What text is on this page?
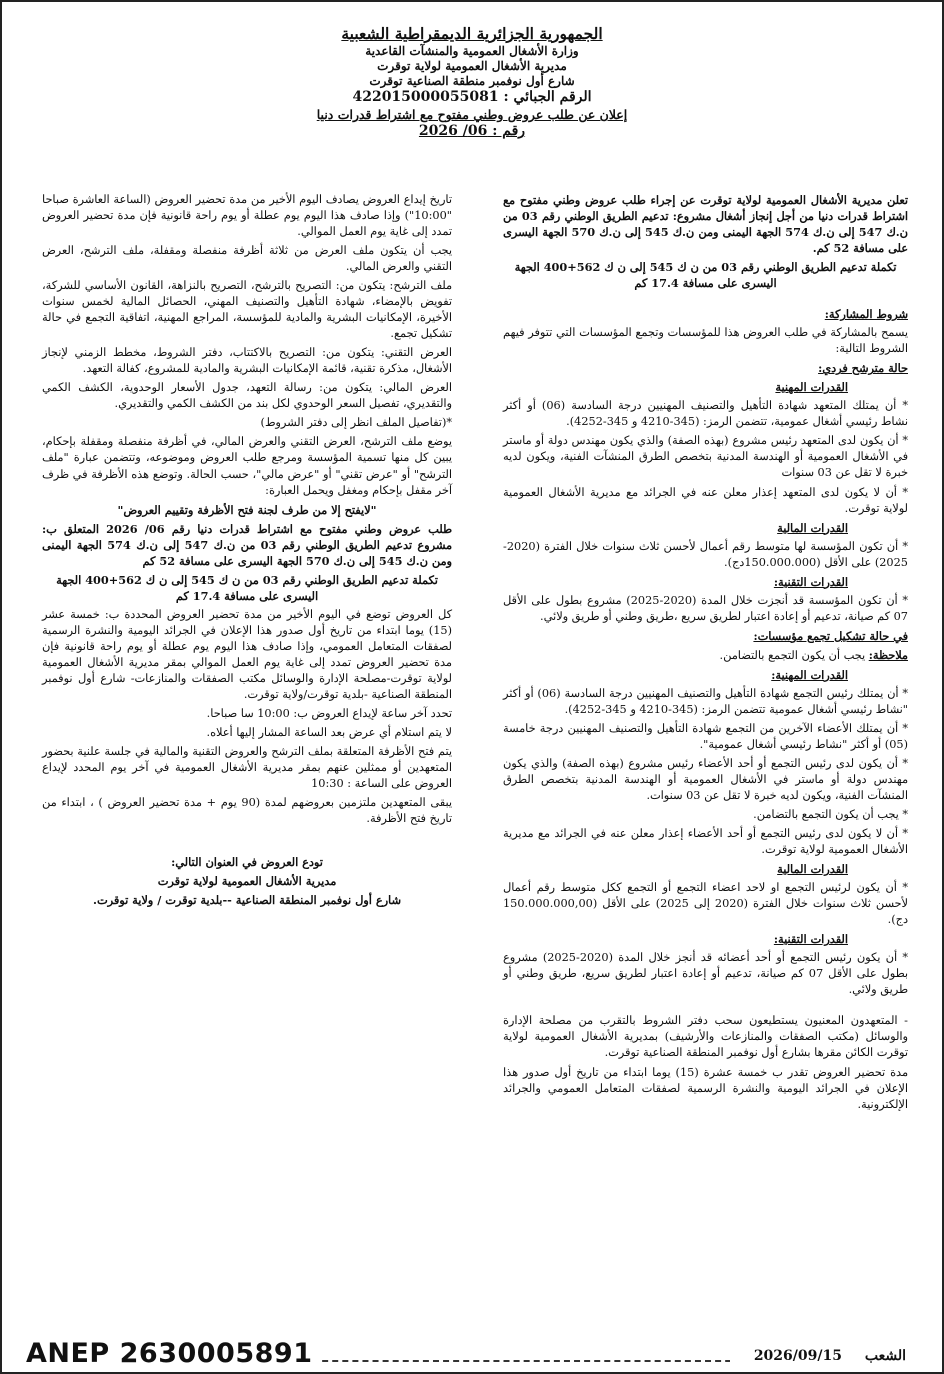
الجمهورية الجزائرية الديمقراطية الشعبية
وزارة الأشغال العمومية والمنشآت القاعدية
مديرية الأشغال العمومية لولاية توقرت
شارع أول نوفمبر منطقة الصناعية توقرت
الرقم الجبائي : 422015000055081
إعلان عن طلب عروض وطني مفتوح مع اشتراط قدرات دنيا
رقم : 06/ 2026

تعلن مديرية الأشغال العمومية لولاية توقرت عن إجراء طلب عروض وطني مفتوح مع اشتراط قدرات دنيا من أجل إنجاز أشغال مشروع: تدعيم الطريق الوطني رقم 03 من ن.ك 547 إلى ن.ك 574 الجهة اليمنى ومن ن.ك 545 إلى ن.ك 570 الجهة اليسرى على مسافة 52 كم.

تكملة تدعيم الطريق الوطني رقم 03 من ن ك 545 إلى ن ك 562+400 الجهة اليسرى على مسافة 17.4 كم

شروط المشاركة:

يسمح بالمشاركة في طلب العروض هذا للمؤسسات وتجمع المؤسسات التي تتوفر فيهم الشروط التالية:

حالة مترشح فردي:

القدرات المهنية

* أن يمتلك المتعهد شهادة التأهيل والتصنيف المهنيين درجة السادسة (06) أو أكثر نشاط رئيسي أشغال عمومية، تتضمن الرمز: (345-4210 و 345-4252).

* أن يكون لدى المتعهد رئيس مشروع (بهذه الصفة) والذي يكون مهندس دولة أو ماستر في الأشغال العمومية أو الهندسة المدنية بتخصص الطرق المنشآت الفنية، ويكون لديه خبرة لا تقل عن 03 سنوات

* أن لا يكون لدى المتعهد إعذار معلن عنه في الجرائد مع مديرية الأشغال العمومية لولاية توقرت.

القدرات المالية

* أن تكون المؤسسة لها متوسط رقم أعمال لأحسن ثلاث سنوات خلال الفترة (2020-2025) على الأقل (150.000.000دج).

القدرات التقنية:

* أن تكون المؤسسة قد أنجزت خلال المدة (2020-2025) مشروع بطول على الأقل 07 كم صيانة، تدعيم أو إعادة اعتبار لطريق سريع ،طريق وطني أو طريق ولائي.

في حالة تشكيل تجمع مؤسسات:

ملاحظة: يجب أن يكون التجمع بالتضامن.

القدرات المهنية:

* أن يمتلك رئيس التجمع شهادة التأهيل والتصنيف المهنيين درجة السادسة (06) أو أكثر "نشاط رئيسي أشغال عمومية تتضمن الرمز: (345-4210 و 345-4252).

* أن يمتلك الأعضاء الآخرين من التجمع شهادة التأهيل والتصنيف المهنيين درجة خامسة (05) أو أكثر "نشاط رئيسي أشغال عمومية".

* أن يكون لدى رئيس التجمع أو أحد الأعضاء رئيس مشروع (بهذه الصفة) والذي يكون مهندس دولة أو ماستر في الأشغال العمومية أو الهندسة المدنية بتخصص الطرق المنشآت الفنية، ويكون لديه خبرة لا تقل عن 03 سنوات.

* يجب أن يكون التجمع بالتضامن.

* أن لا يكون لدى رئيس التجمع أو أحد الأعضاء إعذار معلن عنه في الجرائد مع مديرية الأشغال العمومية لولاية توقرت.

القدرات المالية

* أن يكون لرئيس التجمع او لاحد اعضاء التجمع أو التجمع ككل متوسط رقم أعمال لأحسن ثلاث سنوات خلال الفترة (2020 إلى 2025) على الأقل (150.000.000,00 دج).

القدرات التقنية:

* أن يكون رئيس التجمع أو أحد أعضائه قد أنجز خلال المدة (2020-2025) مشروع بطول على الأقل 07 كم صيانة، تدعيم أو إعادة اعتبار لطريق سريع، طريق وطني أو طريق ولائي.

- المتعهدون المعنيون يستطيعون سحب دفتر الشروط بالتقرب من مصلحة الإدارة والوسائل (مكتب الصفقات والمنازعات والأرشيف) بمديرية الأشغال العمومية لولاية توقرت الكائن مقرها بشارع أول نوفمبر المنطقة الصناعية توقرت.

مدة تحضير العروض تقدر ب خمسة عشرة (15) يوما ابتداء من تاريخ أول صدور هذا الإعلان في الجرائد اليومية والنشرة الرسمية لصفقات المتعامل العمومي والجرائد الإلكترونية.

تاريخ إيداع العروض يصادف اليوم الأخير من مدة تحضير العروض (الساعة العاشرة صباحا "10:00") وإذا صادف هذا اليوم يوم عطلة أو يوم راحة قانونية فإن مدة تحضير العروض تمدد إلى غاية يوم العمل الموالي.

يجب أن يتكون ملف العرض من ثلاثة أظرفة منفصلة ومقفلة، ملف الترشح، العرض التقني والعرض المالي.

ملف الترشح: يتكون من: التصريح بالترشح، التصريح بالنزاهة، القانون الأساسي للشركة، تفويض بالإمضاء، شهادة التأهيل والتصنيف المهني، الحصائل المالية لخمس سنوات الأخيرة، الإمكانيات البشرية والمادية للمؤسسة، المراجع المهنية، اتفاقية التجمع في حالة تشكيل تجمع.

العرض التقني: يتكون من: التصريح بالاكتتاب، دفتر الشروط، مخطط الزمني لإنجاز الأشغال، مذكرة تقنية، قائمة الإمكانيات البشرية والمادية للمشروع، كفالة التعهد.

العرض المالي: يتكون من: رسالة التعهد، جدول الأسعار الوحدوية، الكشف الكمي والتقديري، تفصيل السعر الوحدوي لكل بند من الكشف الكمي والتقديري.

*(تفاصيل الملف انظر إلى دفتر الشروط)

يوضع ملف الترشح، العرض التقني والعرض المالي، في أظرفة منفصلة ومقفلة بإحكام، يبين كل منها تسمية المؤسسة ومرجع طلب العروض وموضوعه، وتتضمن عبارة "ملف الترشح" أو "عرض تقني" أو "عرض مالي"، حسب الحالة. وتوضع هذه الأظرفة في ظرف آخر مقفل بإحكام ومغفل ويحمل العبارة:

"لايفتح إلا من طرف لجنة فتح الأظرفة وتقييم العروض"

طلب عروض وطني مفتوح مع اشتراط قدرات دنيا رقم 06/ 2026 المتعلق ب: مشروع تدعيم الطريق الوطني رقم 03 من ن.ك 547 إلى ن.ك 574 الجهة اليمنى ومن ن.ك 545 إلى ن.ك 570 الجهة اليسرى على مسافة 52 كم

تكملة تدعيم الطريق الوطني رقم 03 من ن ك 545 إلى ن ك 562+400 الجهة اليسرى على مسافة 17.4 كم

كل العروض توضع في اليوم الأخير من مدة تحضير العروض المحددة ب: خمسة عشر (15) يوما ابتداء من تاريخ أول صدور هذا الإعلان في الجرائد اليومية والنشرة الرسمية لصفقات المتعامل العمومي، وإذا صادف هذا اليوم يوم عطلة أو يوم راحة قانونية فإن مدة تحضير العروض تمدد إلى غاية يوم العمل الموالي بمقر مديرية الأشغال العمومية لولاية توقرت-مصلحة الإدارة والوسائل مكتب الصفقات والمنازعات- شارع أول نوفمبر المنطقة الصناعية -بلدية توقرت/ولاية توقرت.

تحدد آخر ساعة لإيداع العروض ب: 10:00 سا صباحا.

لا يتم استلام أي عرض بعد الساعة المشار إليها أعلاه.

يتم فتح الأظرفة المتعلقة بملف الترشح والعروض التقنية والمالية في جلسة علنية بحضور المتعهدين أو ممثلين عنهم بمقر مديرية الأشغال العمومية في آخر يوم المحدد لإيداع العروض على الساعة : 10:30

يبقى المتعهدين ملتزمين بعروضهم لمدة (90 يوم + مدة تحضير العروض ) ، ابتداء من تاريخ فتح الأظرفة.

تودع العروض في العنوان التالي:

مديرية الأشغال العمومية لولاية توقرت

شارع أول نوفمبر المنطقة الصناعية --بلدية توقرت / ولاية توقرت.

ANEP 2630005891	الشعب 2026/09/15
